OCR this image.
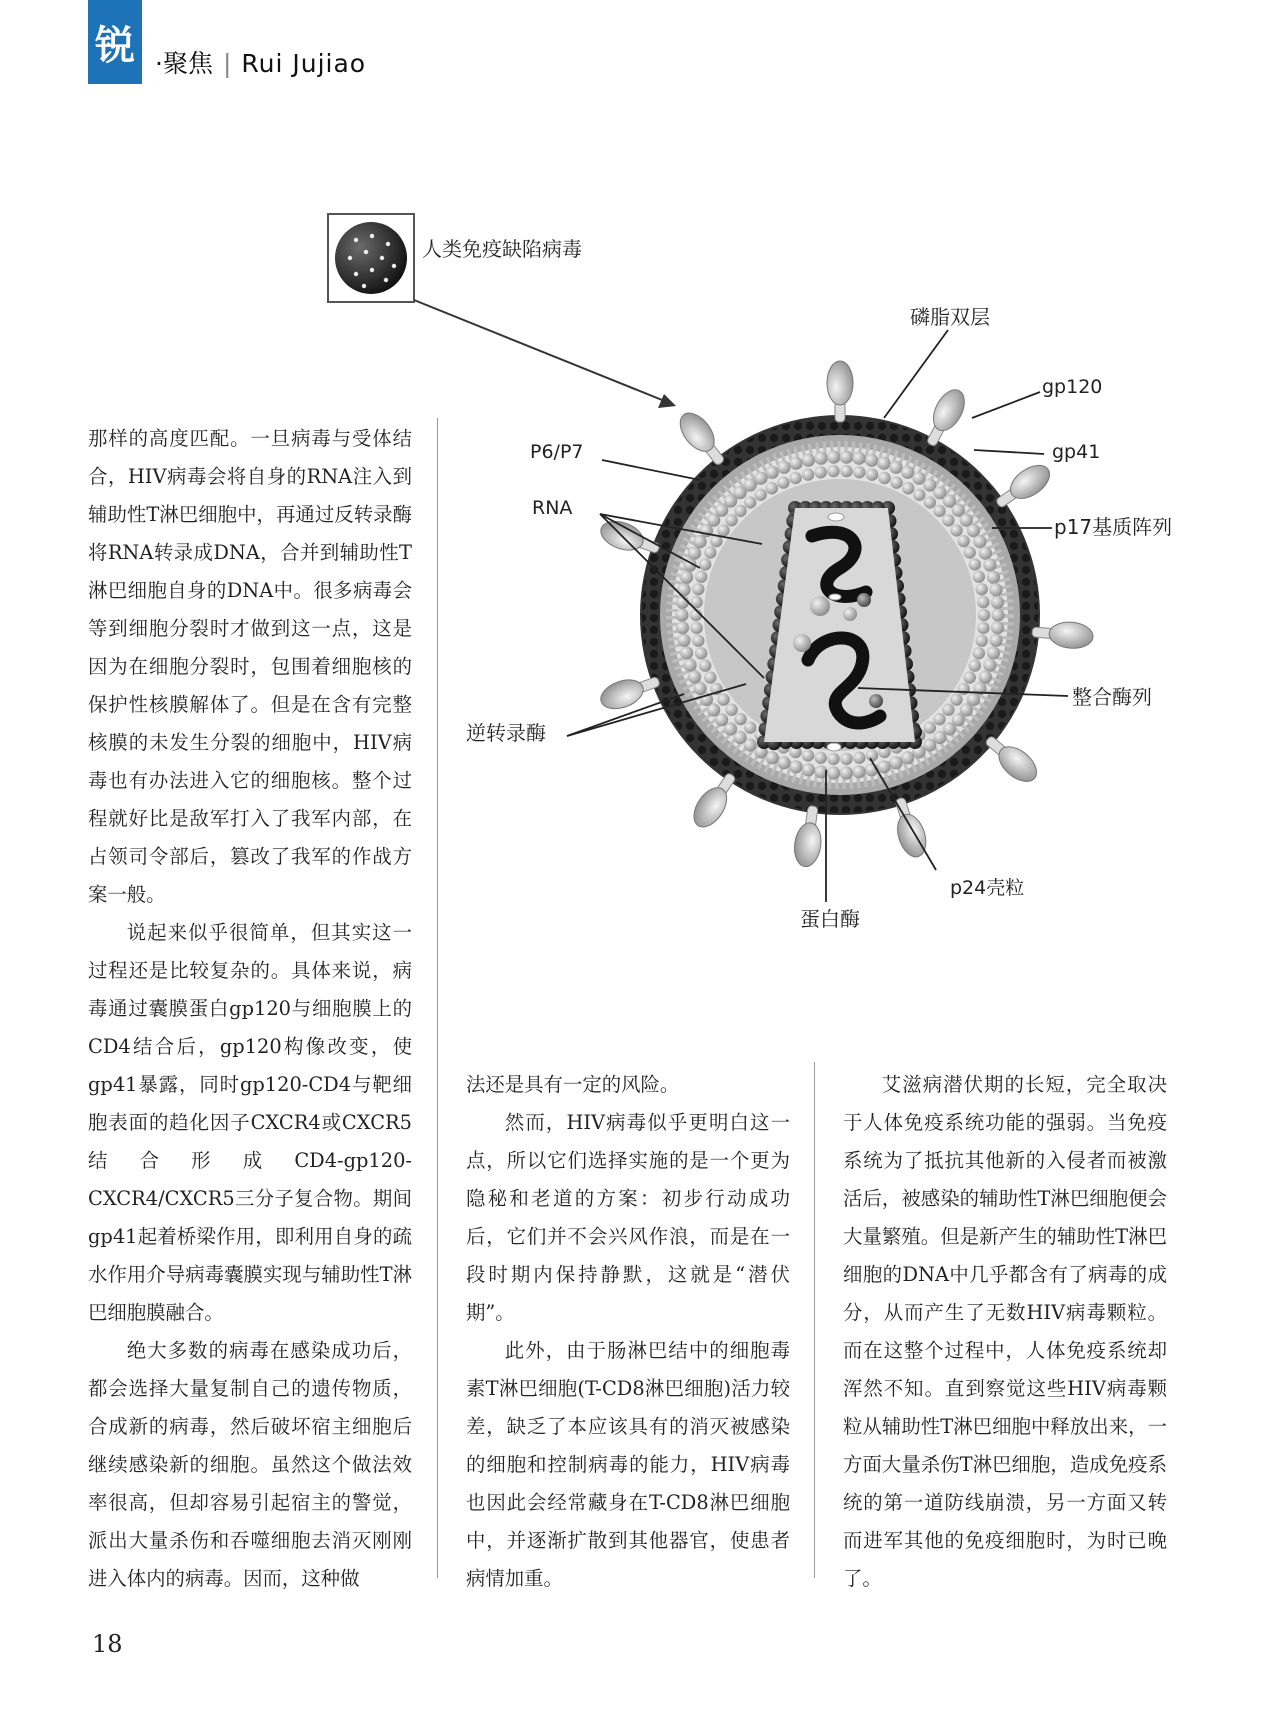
锐 ·聚焦 | Rui Jujiao
人类免疫缺陷病毒
磷脂双层
gp120
gp41
P6/P7
RNA
p17基质阵列
整合酶列
逆转录酶
p24壳粒
蛋白酶

那样的高度匹配。一旦病毒与受体结合，HIV病毒会将自身的RNA注入到辅助性T淋巴细胞中，再通过反转录酶将RNA转录成DNA，合并到辅助性T淋巴细胞自身的DNA中。很多病毒会等到细胞分裂时才做到这一点，这是因为在细胞分裂时，包围着细胞核的保护性核膜解体了。但是在含有完整核膜的未发生分裂的细胞中，HIV病毒也有办法进入它的细胞核。整个过程就好比是敌军打入了我军内部，在占领司令部后，篡改了我军的作战方案一般。

说起来似乎很简单，但其实这一过程还是比较复杂的。具体来说，病毒通过囊膜蛋白gp120与细胞膜上的CD4结合后，gp120构像改变，使gp41暴露，同时gp120-CD4与靶细胞表面的趋化因子CXCR4或CXCR5结合形成CD4-gp120-CXCR4/CXCR5三分子复合物。期间gp41起着桥梁作用，即利用自身的疏水作用介导病毒囊膜实现与辅助性T淋巴细胞膜融合。

绝大多数的病毒在感染成功后，都会选择大量复制自己的遗传物质，合成新的病毒，然后破坏宿主细胞后继续感染新的细胞。虽然这个做法效率很高，但却容易引起宿主的警觉，派出大量杀伤和吞噬细胞去消灭刚刚进入体内的病毒。因而，这种做

法还是具有一定的风险。

然而，HIV病毒似乎更明白这一点，所以它们选择实施的是一个更为隐秘和老道的方案：初步行动成功后，它们并不会兴风作浪，而是在一段时期内保持静默，这就是“潜伏期”。

此外，由于肠淋巴结中的细胞毒素T淋巴细胞(T-CD8淋巴细胞)活力较差，缺乏了本应该具有的消灭被感染的细胞和控制病毒的能力，HIV病毒也因此会经常藏身在T-CD8淋巴细胞中，并逐渐扩散到其他器官，使患者病情加重。

艾滋病潜伏期的长短，完全取决于人体免疫系统功能的强弱。当免疫系统为了抵抗其他新的入侵者而被激活后，被感染的辅助性T淋巴细胞便会大量繁殖。但是新产生的辅助性T淋巴细胞的DNA中几乎都含有了病毒的成分，从而产生了无数HIV病毒颗粒。而在这整个过程中，人体免疫系统却浑然不知。直到察觉这些HIV病毒颗粒从辅助性T淋巴细胞中释放出来，一方面大量杀伤T淋巴细胞，造成免疫系统的第一道防线崩溃，另一方面又转而进军其他的免疫细胞时，为时已晚了。

18
